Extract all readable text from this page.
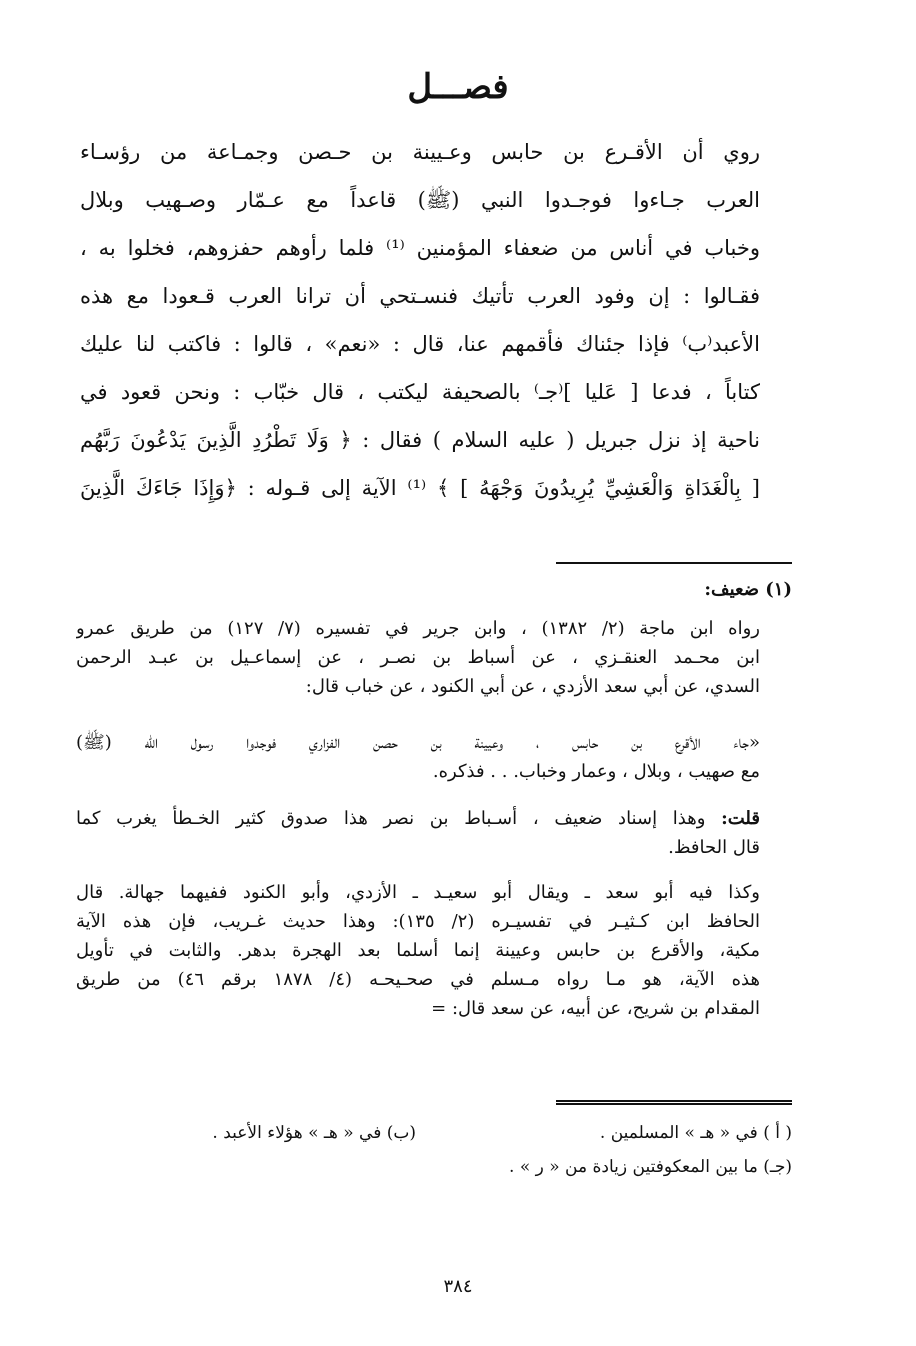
فصـــل
روي أن الأقـرع بن حابس وعـيينة بن حـصن وجمـاعة من رؤسـاء
العرب جـاءوا فوجـدوا النبي (ﷺ) قاعداً مع عـمّار وصـهيب وبلال
وخباب في أناس من ضعفاء المؤمنين ⁽¹⁾ فلما رأوهم حفزوهم، فخلوا به ،
فقـالوا : إن وفود العرب تأتيك فنسـتحي أن ترانا العرب قـعودا مع هذه
الأعبد⁽ب⁾ فإذا جئناك فأقمهم عنا، قال : «نعم» ، قالوا : فاكتب لنا عليك
كتاباً ، فدعا [ عَليا ]⁽جـ⁾ بالصحيفة ليكتب ، قال خبّاب : ونحن قعود في
ناحية إذ نزل جبريل ( عليه السلام ) فقال : ﴿ وَلَا تَطْرُدِ الَّذِينَ يَدْعُونَ رَبَّهُم
[ بِالْغَدَاةِ وَالْعَشِيِّ يُرِيدُونَ وَجْهَهُ ] ﴾ ⁽¹⁾ الآية إلى قـوله : ﴿وَإِذَا جَاءَكَ الَّذِينَ
(١) ضعيف:
رواه ابن ماجة (٢/ ١٣٨٢) ، وابن جرير في تفسيره (٧/ ١٢٧) من طريق عمرو
ابن محـمد العنقـزي ، عن أسباط بن نصـر ، عن إسماعـيل بن عبـد الرحمن
السدي، عن أبي سعد الأزدي ، عن أبي الكنود ، عن خباب قال:
«جاء الأقرع بن حابس ، وعيينة بن حصن الفزاري فوجدوا رسول الله (ﷺ)
مع صهيب ، وبلال ، وعمار وخباب. . . فذكره.
قلت: وهذا إسناد ضعيف ، أسـباط بن نصر هذا صدوق كثير الخـطأ يغرب كما
قال الحافظ.
وكذا فيه أبو سعد ـ ويقال أبو سعيـد ـ الأزدي، وأبو الكنود ففيهما جهالة. قال
الحافظ ابن كـثيـر في تفسيـره (٢/ ١٣٥): وهذا حديث غـريب، فإن هذه الآية
مكية، والأقرع بن حابس وعيينة إنما أسلما بعد الهجرة بدهر. والثابت في تأويل
هذه الآية، هو مـا رواه مـسلم في صحـيحـه (٤/ ١٨٧٨ برقم ٤٦) من طريق
المقدام بن شريح، عن أبيه، عن سعد قال: =
( أ ) في « هـ » المسلمين .
(ب) في « هـ » هؤلاء الأعبد .
(جـ) ما بين المعكوفتين زيادة من « ر » .
٣٨٤
